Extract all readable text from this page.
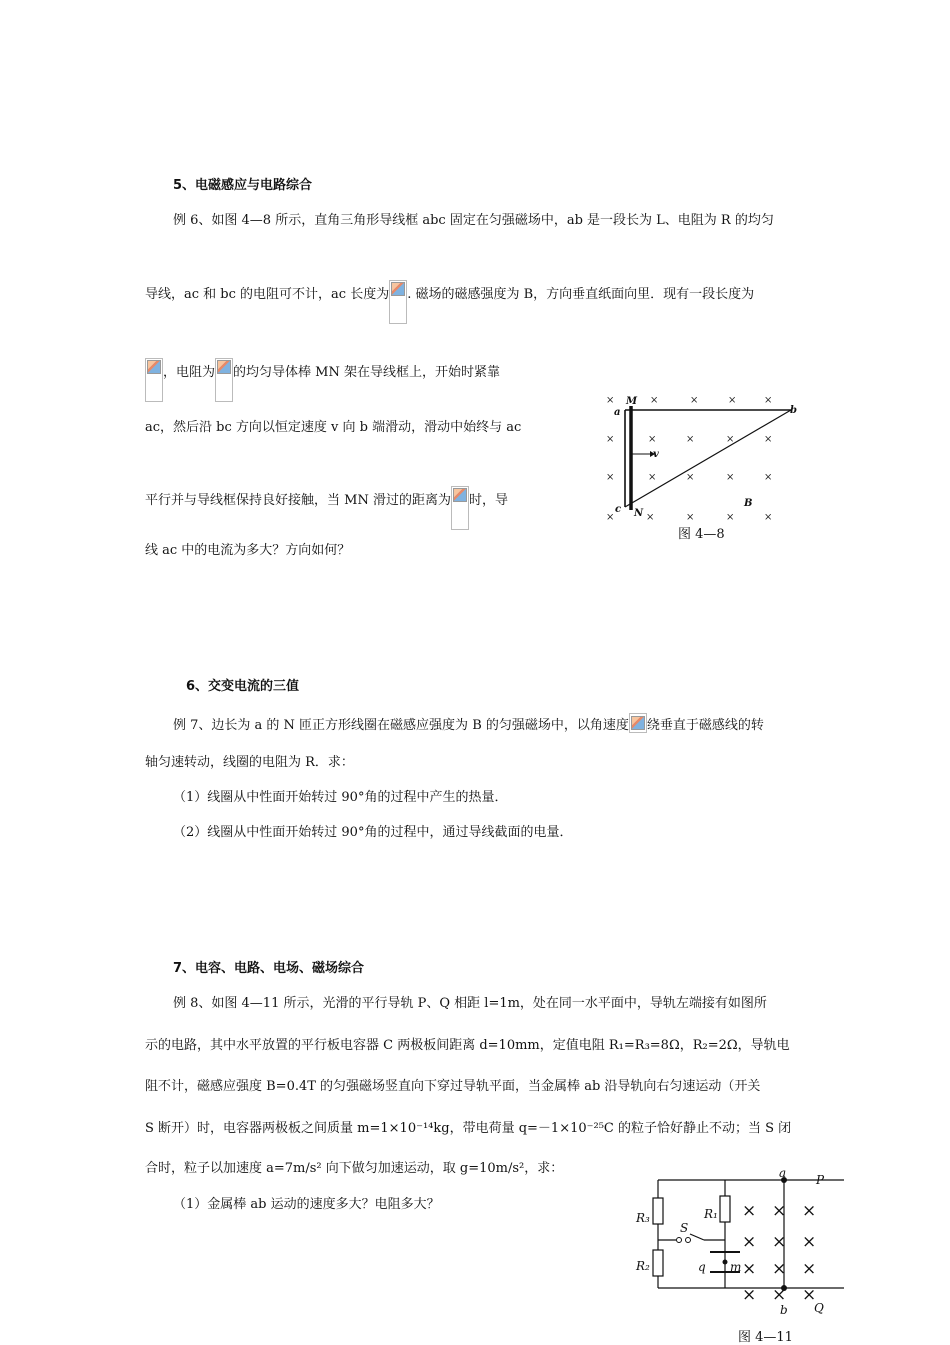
5、电磁感应与电路综合
例 6、如图 4—8 所示，直角三角形导线框 abc 固定在匀强磁场中，ab 是一段长为 L、电阻为 R 的均匀
导线，ac 和 bc 的电阻可不计，ac 长度为 . 磁场的磁感强度为 B，方向垂直纸面向里．现有一段长度为
，电阻为 的均匀导体棒 MN 架在导线框上，开始时紧靠
ac，然后沿 bc 方向以恒定速度 v 向 b 端滑动，滑动中始终与 ac
平行并与导线框保持良好接触，当 MN 滑过的距离为 时，导
线 ac 中的电流为多大？方向如何？
×	×	×	×	×
×	×	×	×	×
×	×	×	×	×
×	×	×	×	×
M
a	b
c N
v
B
图 4—8
6、交变电流的三值
例 7、边长为 a 的 N 匝正方形线圈在磁感应强度为 B 的匀强磁场中，以角速度 绕垂直于磁感线的转
轴匀速转动，线圈的电阻为 R．求：
（1）线圈从中性面开始转过 90°角的过程中产生的热量．
（2）线圈从中性面开始转过 90°角的过程中，通过导线截面的电量．
7、电容、电路、电场、磁场综合
例 8、如图 4—11 所示，光滑的平行导轨 P、Q 相距 l=1m，处在同一水平面中，导轨左端接有如图所
示的电路，其中水平放置的平行板电容器 C 两极板间距离 d=10mm，定值电阻 R₁=R₃=8Ω，R₂=2Ω，导轨电
阻不计，磁感应强度 B=0.4T 的匀强磁场竖直向下穿过导轨平面，当金属棒 ab 沿导轨向右匀速运动（开关
S 断开）时，电容器两极板之间质量 m=1×10⁻¹⁴kg，带电荷量 q=－1×10⁻²⁵C 的粒子恰好静止不动；当 S 闭
合时，粒子以加速度 a=7m/s² 向下做匀加速运动，取 g=10m/s²，求：
（1）金属棒 ab 运动的速度多大？电阻多大？	× × ×
× × ×
× × ×
× × ×
a P
R₃	R₁
S
R₂	q m
b Q
图 4—11
